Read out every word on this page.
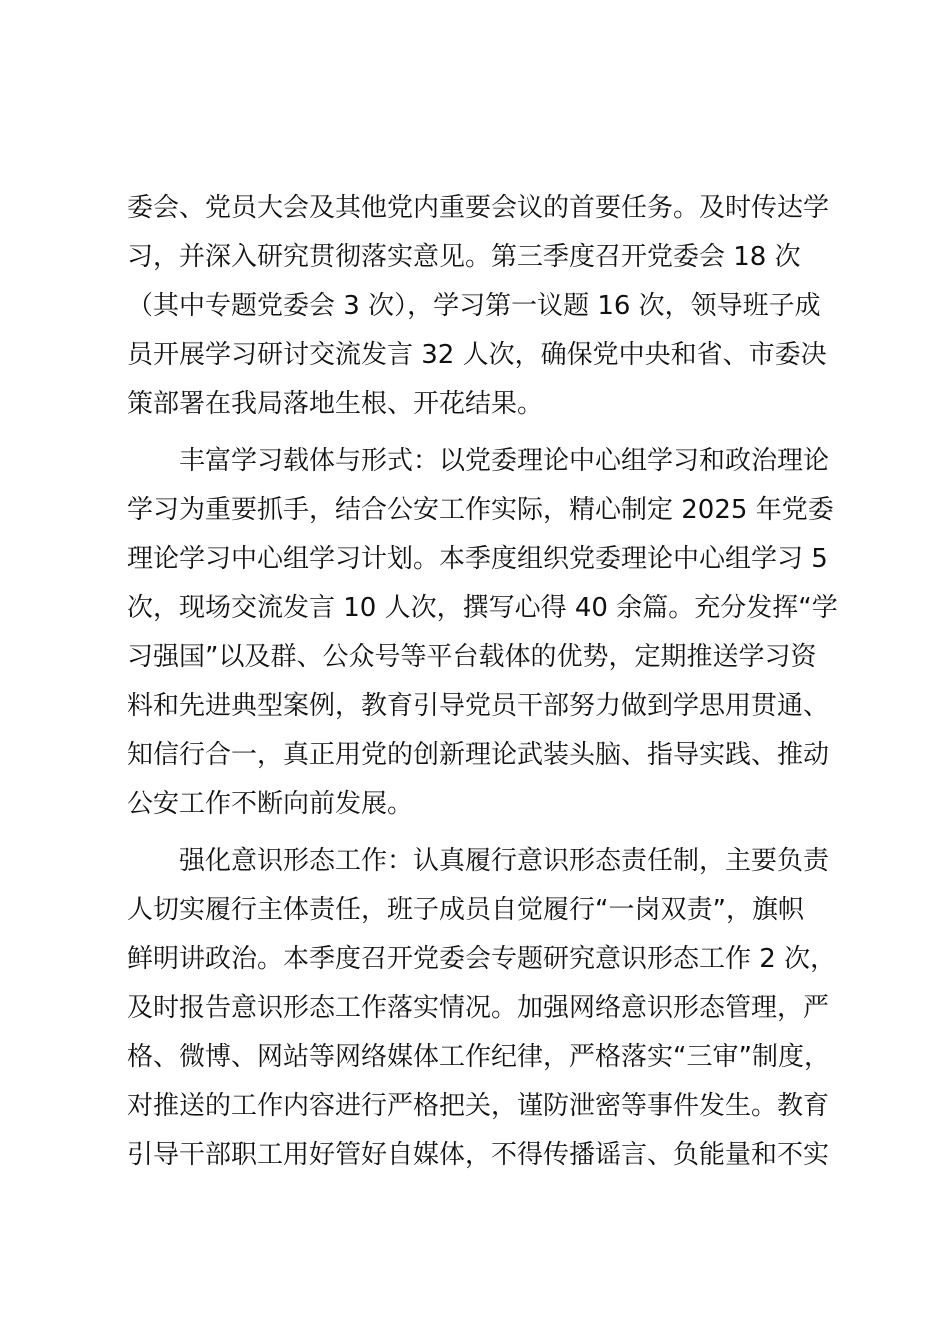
委会、党员大会及其他党内重要会议的首要任务。及时传达学
习，并深入研究贯彻落实意见。第三季度召开党委会 18 次
（其中专题党委会 3 次），学习第一议题 16 次，领导班子成
员开展学习研讨交流发言 32 人次，确保党中央和省、市委决
策部署在我局落地生根、开花结果。
丰富学习载体与形式：以党委理论中心组学习和政治理论
学习为重要抓手，结合公安工作实际，精心制定 2025 年党委
理论学习中心组学习计划。本季度组织党委理论中心组学习 5
次，现场交流发言 10 人次，撰写心得 40 余篇。充分发挥“学
习强国”以及群、公众号等平台载体的优势，定期推送学习资
料和先进典型案例，教育引导党员干部努力做到学思用贯通、
知信行合一，真正用党的创新理论武装头脑、指导实践、推动
公安工作不断向前发展。
强化意识形态工作：认真履行意识形态责任制，主要负责
人切实履行主体责任，班子成员自觉履行“一岗双责”，旗帜
鲜明讲政治。本季度召开党委会专题研究意识形态工作 2 次，
及时报告意识形态工作落实情况。加强网络意识形态管理，严
格、微博、网站等网络媒体工作纪律，严格落实“三审”制度，
对推送的工作内容进行严格把关，谨防泄密等事件发生。教育
引导干部职工用好管好自媒体，不得传播谣言、负能量和不实
